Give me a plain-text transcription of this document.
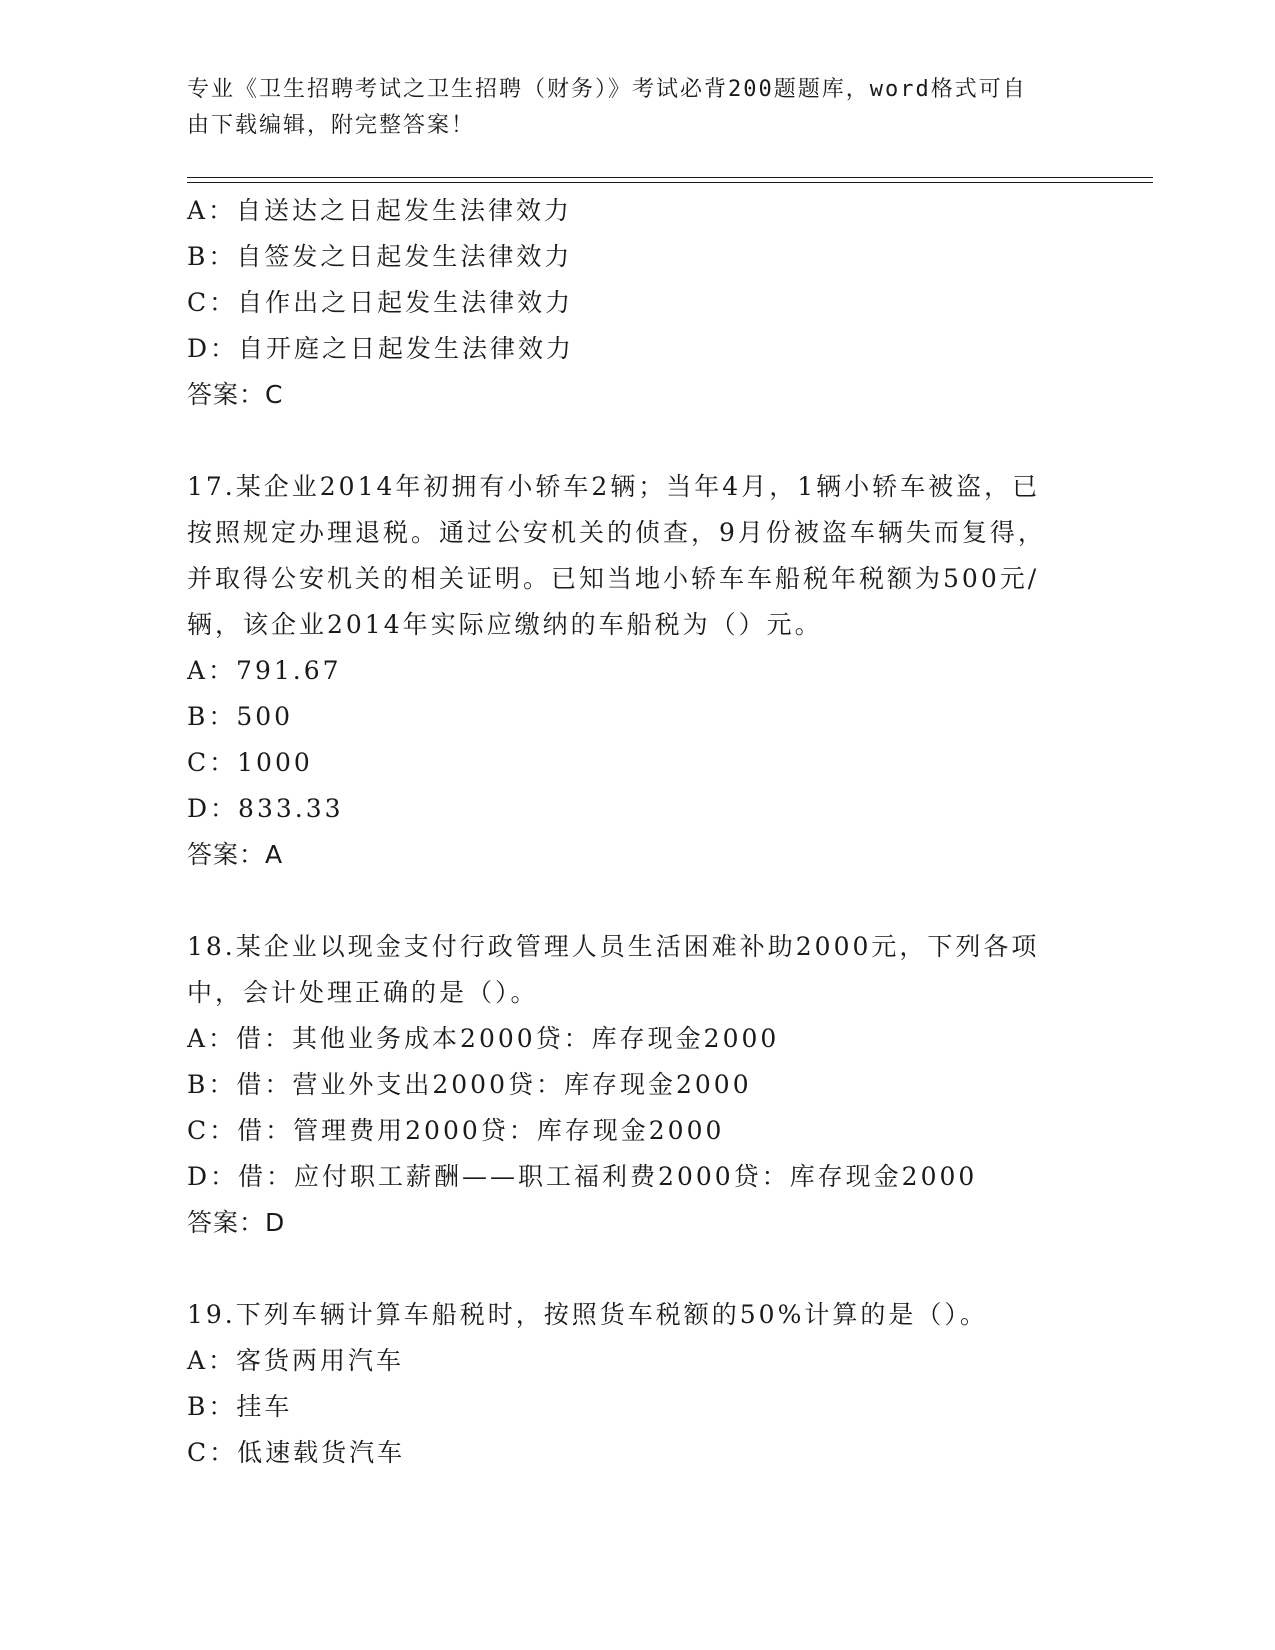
专业《卫生招聘考试之卫生招聘（财务）》考试必背200题题库，word格式可自
由下载编辑，附完整答案！
A：自送达之日起发生法律效力
B：自签发之日起发生法律效力
C：自作出之日起发生法律效力
D：自开庭之日起发生法律效力
答案：C
17.某企业2014年初拥有小轿车2辆；当年4月，1辆小轿车被盗，已
按照规定办理退税。通过公安机关的侦查，9月份被盗车辆失而复得，
并取得公安机关的相关证明。已知当地小轿车车船税年税额为500元/
辆，该企业2014年实际应缴纳的车船税为（）元。
A：791.67
B：500
C：1000
D：833.33
答案：A
18.某企业以现金支付行政管理人员生活困难补助2000元，下列各项
中，会计处理正确的是（）。
A：借：其他业务成本2000贷：库存现金2000
B：借：营业外支出2000贷：库存现金2000
C：借：管理费用2000贷：库存现金2000
D：借：应付职工薪酬——职工福利费2000贷：库存现金2000
答案：D
19.下列车辆计算车船税时，按照货车税额的50%计算的是（）。
A：客货两用汽车
B：挂车
C：低速载货汽车
